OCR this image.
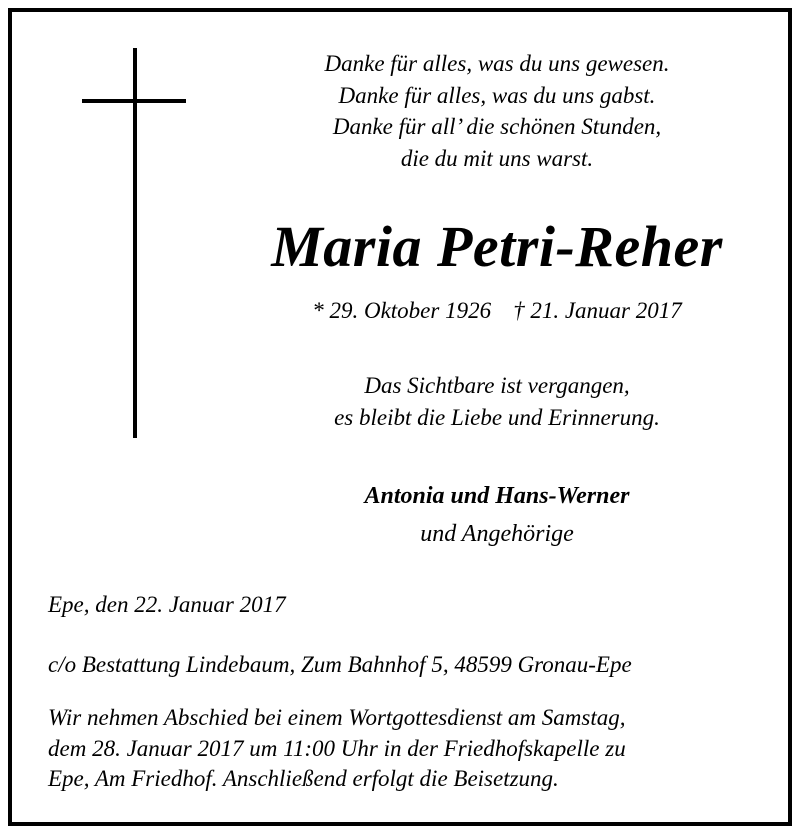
Danke für alles, was du uns gewesen.
Danke für alles, was du uns gabst.
Danke für all’ die schönen Stunden,
die du mit uns warst.
Maria Petri-Reher
* 29. Oktober 1926 † 21. Januar 2017
Das Sichtbare ist vergangen,
es bleibt die Liebe und Erinnerung.
Antonia und Hans-Werner
und Angehörige
Epe, den 22. Januar 2017
c/o Bestattung Lindebaum, Zum Bahnhof 5, 48599 Gronau-Epe
Wir nehmen Abschied bei einem Wortgottesdienst am Samstag,
dem 28. Januar 2017 um 11:00 Uhr in der Friedhofskapelle zu
Epe, Am Friedhof. Anschließend erfolgt die Beisetzung.
